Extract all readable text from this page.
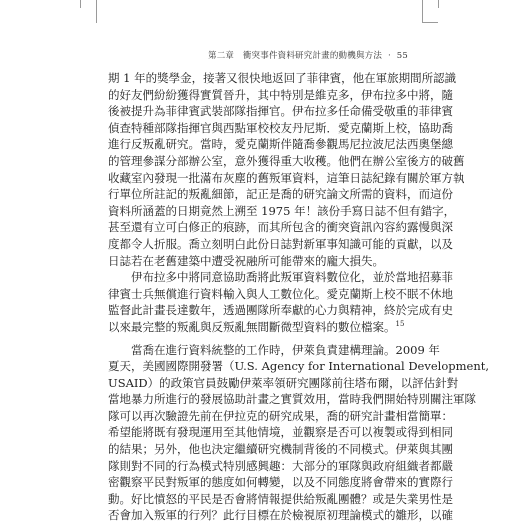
第二章 衝突事件資料研究計畫的動機與方法 ‧ 55
期 1 年的獎學金，接著又很快地返回了菲律賓，他在軍旅期間所認識
的好友們紛紛獲得實質晉升，其中特別是維克多，伊布拉多中將，隨
後被提升為菲律賓武裝部隊指揮官。伊布拉多任命備受敬重的菲律賓
偵查特種部隊指揮官與西點軍校校友丹尼斯．愛克蘭斯上校，協助喬
進行反叛亂研究。當時，愛克蘭斯伴隨喬參觀馬尼拉波尼法西奧堡總
的管理參謀分部辦公室，意外獲得重大收穫。他們在辦公室後方的破舊
收藏室內發現一批滿布灰塵的舊叛軍資料，這筆日誌紀錄有關於軍方執
行單位所註記的叛亂細節，記正是喬的研究論文所需的資料，而這份
資料所涵蓋的日期竟然上溯至 1975 年！該份手寫日誌不但有錯字，
甚至還有立可白修正的痕跡，而其所包含的衝突資訊內容約露慢與深
度都令人折服。喬立刻明白此份日誌對新軍事知識可能的貢獻，以及
日誌若在老舊建築中遭受祝融所可能帶來的龐大損失。
伊布拉多中將同意協助喬將此叛軍資料數位化，並於當地招募菲
律賓士兵無償進行資料輸入與人工數位化。愛克蘭斯上校不眠不休地
監督此計畫長達數年，透過團隊所奉獻的心力與精神，終於完成有史
以來最完整的叛亂與反叛亂無間斷微型資料的數位檔案。$^{15}$
當喬在進行資料統整的工作時，伊萊負責建構理論。2009 年
夏天，美國國際開發署（U.S. Agency for International Development,
USAID）的政策官員鼓勵伊萊率領研究團隊前往塔布爾，以評估針對
當地暴力所進行的發展協助計畫之實質效用，當時我們開始特別關注軍隊
隊可以再次驗證先前在伊拉克的研究成果，喬的研究計畫相當簡單：
希望能將既有發現運用至其他情境，並觀察是否可以複製或得到相同
的結果；另外，他也決定繼續研究機制背後的不同模式。伊萊與其團
隊則對不同的行為模式特別感興趣：大部分的軍隊與政府組織者都嚴
密觀察平民對叛軍的態度如何轉變，以及不同態度將會帶來的實際行
動。好比憤怒的平民是否會將情報提供給叛亂團體？或是失業男性是
否會加入叛軍的行列？此行目標在於檢視原初理論模式的雛形，以確
